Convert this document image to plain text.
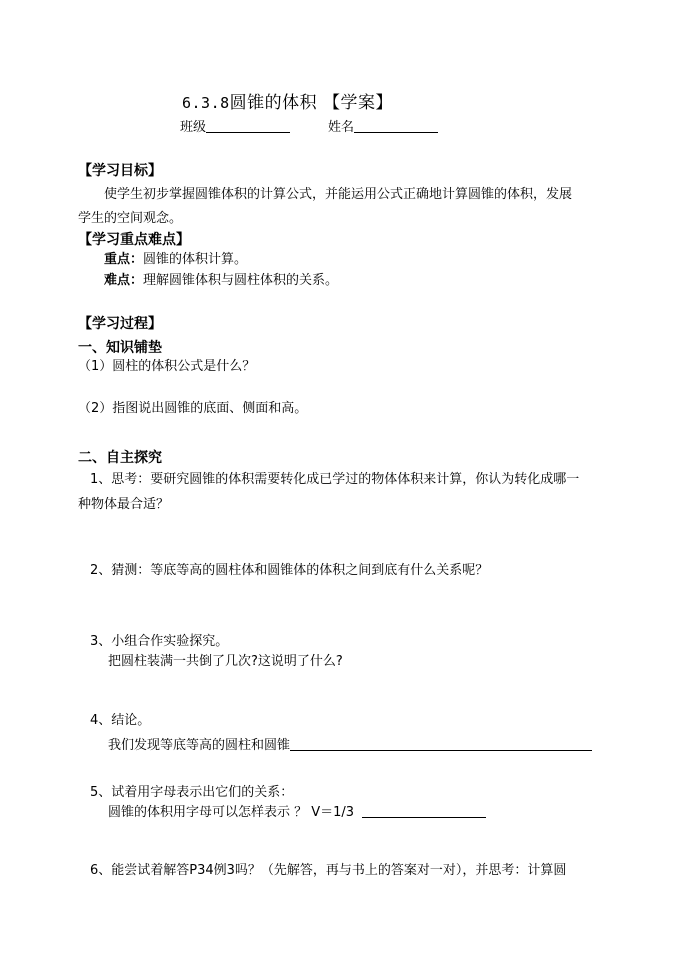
6.3.8圆锥的体积 【学案】
班级	姓名
【学习目标】
使学生初步掌握圆锥体积的计算公式，并能运用公式正确地计算圆锥的体积，发展
学生的空间观念。
【学习重点难点】
重点：圆锥的体积计算。
难点：理解圆锥体积与圆柱体积的关系。
【学习过程】
一、知识铺垫
（1）圆柱的体积公式是什么？
（2）指图说出圆锥的底面、侧面和高。
二、自主探究
1、思考：要研究圆锥的体积需要转化成已学过的物体体积来计算，你认为转化成哪一
种物体最合适？
2、猜测：等底等高的圆柱体和圆锥体的体积之间到底有什么关系呢？
3、小组合作实验探究。
把圆柱装满一共倒了几次?这说明了什么?
4、结论。
我们发现等底等高的圆柱和圆锥
5、试着用字母表示出它们的关系：
圆锥的体积用字母可以怎样表示 ？ V＝1/3
6、能尝试着解答P34例3吗？（先解答，再与书上的答案对一对），并思考：计算圆
